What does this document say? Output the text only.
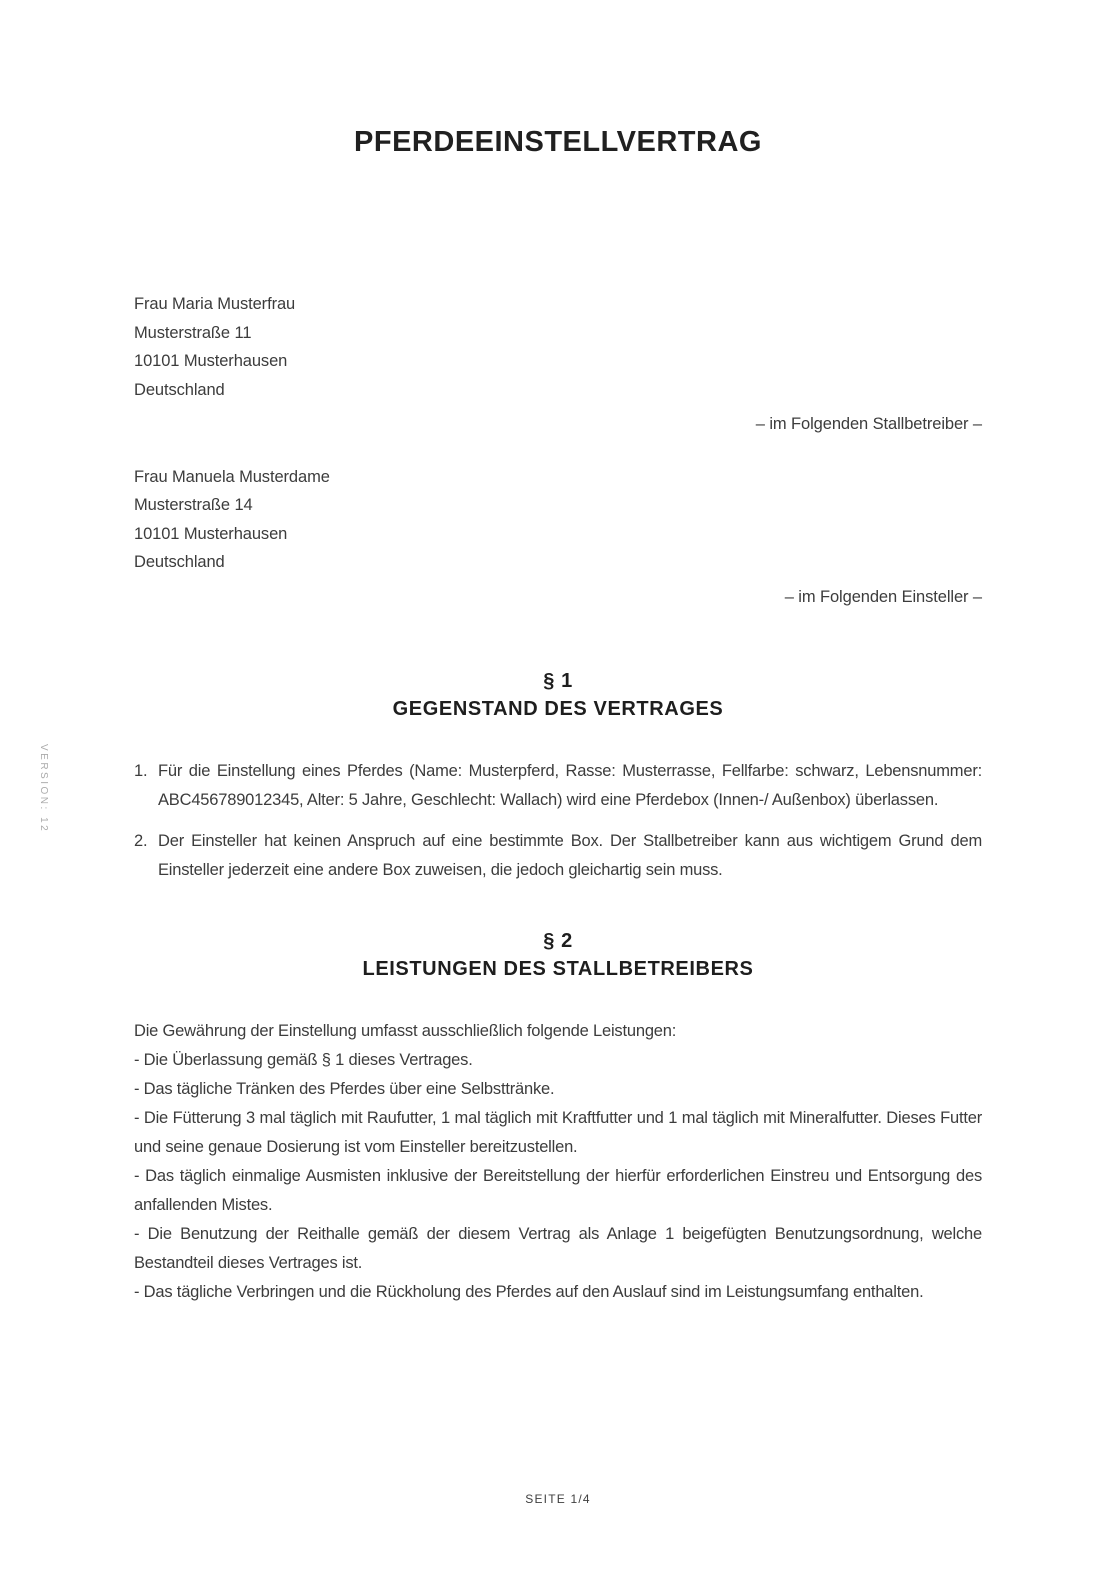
VERSION: 12
PFERDEEINSTELLVERTRAG

Frau Maria Musterfrau

Musterstraße 11

10101 Musterhausen

Deutschland

– im Folgenden Stallbetreiber –

Frau Manuela Musterdame

Musterstraße 14

10101 Musterhausen

Deutschland

– im Folgenden Einsteller –

§ 1

GEGENSTAND DES VERTRAGES

1. Für die Einstellung eines Pferdes (Name: Musterpferd, Rasse: Musterrasse, Fellfarbe: schwarz, Lebensnummer: ABC456789012345, Alter: 5 Jahre, Geschlecht: Wallach) wird eine Pferdebox (Innen-/ Außenbox) überlassen.
2. Der Einsteller hat keinen Anspruch auf eine bestimmte Box. Der Stallbetreiber kann aus wichtigem Grund dem Einsteller jederzeit eine andere Box zuweisen, die jedoch gleichartig sein muss.

§ 2

LEISTUNGEN DES STALLBETREIBERS

Die Gewährung der Einstellung umfasst ausschließlich folgende Leistungen:

- Die Überlassung gemäß § 1 dieses Vertrages.

- Das tägliche Tränken des Pferdes über eine Selbsttränke.

- Die Fütterung 3 mal täglich mit Raufutter, 1 mal täglich mit Kraftfutter und 1 mal täglich mit Mineralfutter. Dieses Futter und seine genaue Dosierung ist vom Einsteller bereitzustellen.

- Das täglich einmalige Ausmisten inklusive der Bereitstellung der hierfür erforderlichen Einstreu und Entsorgung des anfallenden Mistes.

- Die Benutzung der Reithalle gemäß der diesem Vertrag als Anlage 1 beigefügten Benutzungsordnung, welche Bestandteil dieses Vertrages ist.

- Das tägliche Verbringen und die Rückholung des Pferdes auf den Auslauf sind im Leistungsumfang enthalten.

SEITE 1/4
